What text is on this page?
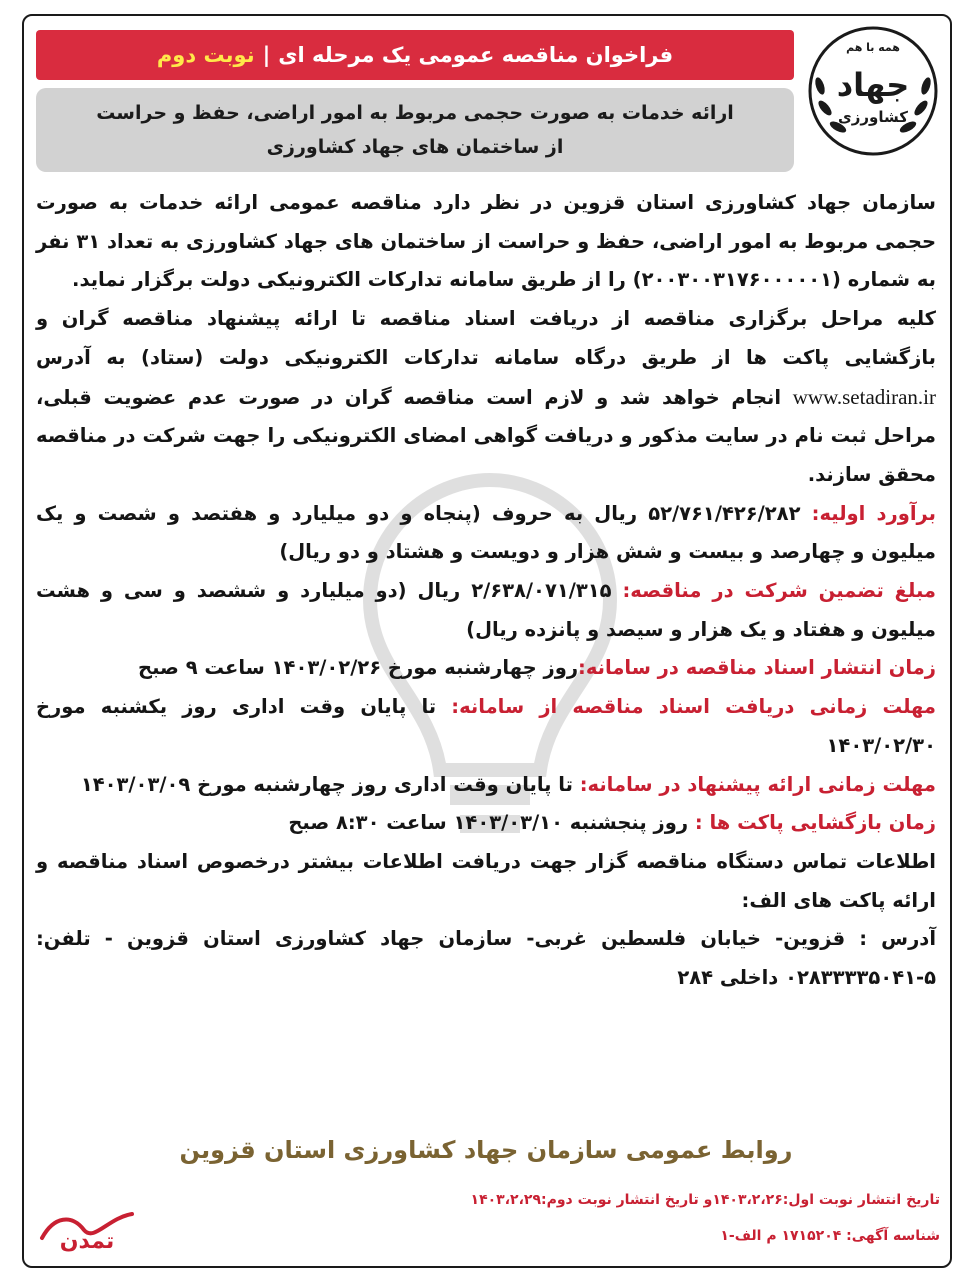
همه با هم
جهاد
کشاورزی
فراخوان مناقصه عمومی یک مرحله ای
|
نوبت دوم
ارائه خدمات به صورت حجمی مربوط به امور اراضی، حفظ و حراست
از ساختمان های جهاد کشاورزی

سازمان جهاد کشاورزی استان قزوین در نظر دارد مناقصه عمومی ارائه خدمات به صورت حجمی مربوط به امور اراضی، حفظ و حراست از ساختمان های جهاد کشاورزی به تعداد ۳۱ نفر به شماره (۲۰۰۳۰۰۳۱۷۶۰۰۰۰۰۱) را از طریق سامانه تدارکات الکترونیکی دولت برگزار نماید.

کلیه مراحل برگزاری مناقصه از دریافت اسناد مناقصه تا ارائه پیشنهاد مناقصه گران و بازگشایی پاکت ها از طریق درگاه سامانه تدارکات الکترونیکی دولت (ستاد) به آدرس www.setadiran.ir انجام خواهد شد و لازم است مناقصه گران در صورت عدم عضویت قبلی، مراحل ثبت نام در سایت مذکور و دریافت گواهی امضای الکترونیکی را جهت شرکت در مناقصه محقق سازند.

برآورد اولیه: ۵۲/۷۶۱/۴۲۶/۲۸۲ ریال به حروف (پنجاه و دو میلیارد و هفتصد و شصت و یک میلیون و چهارصد و بیست و شش هزار و دویست و هشتاد و دو ریال)

مبلغ تضمین شرکت در مناقصه: ۲/۶۳۸/۰۷۱/۳۱۵ ریال (دو میلیارد و ششصد و سی و هشت میلیون و هفتاد و یک هزار و سیصد و پانزده ریال)

زمان انتشار اسناد مناقصه در سامانه:روز چهارشنبه مورخ ۱۴۰۳/۰۲/۲۶ ساعت ۹ صبح

مهلت زمانی دریافت اسناد مناقصه از سامانه: تا پایان وقت اداری روز یکشنبه مورخ ۱۴۰۳/۰۲/۳۰

مهلت زمانی ارائه پیشنهاد در سامانه: تا پایان وقت اداری روز چهارشنبه مورخ ۱۴۰۳/۰۳/۰۹

زمان بازگشایی پاکت ها : روز پنجشنبه ۱۴۰۳/۰۳/۱۰ ساعت ۸:۳۰ صبح

اطلاعات تماس دستگاه مناقصه گزار جهت دریافت اطلاعات بیشتر درخصوص اسناد مناقصه و ارائه پاکت های الف:

آدرس : قزوین- خیابان فلسطین غربی- سازمان جهاد کشاورزی استان قزوین - تلفن: ۵-۰۲۸۳۳۳۳۵۰۴۱ داخلی ۲۸۴

روابط عمومی سازمان جهاد کشاورزی استان قزوین
تاریخ انتشار نوبت اول:۱۴۰۳،۲،۲۶و تاریخ انتشار نوبت دوم:۱۴۰۳،۲،۲۹
شناسه آگهی: ۱۷۱۵۲۰۴ م الف-۱
تمدن
